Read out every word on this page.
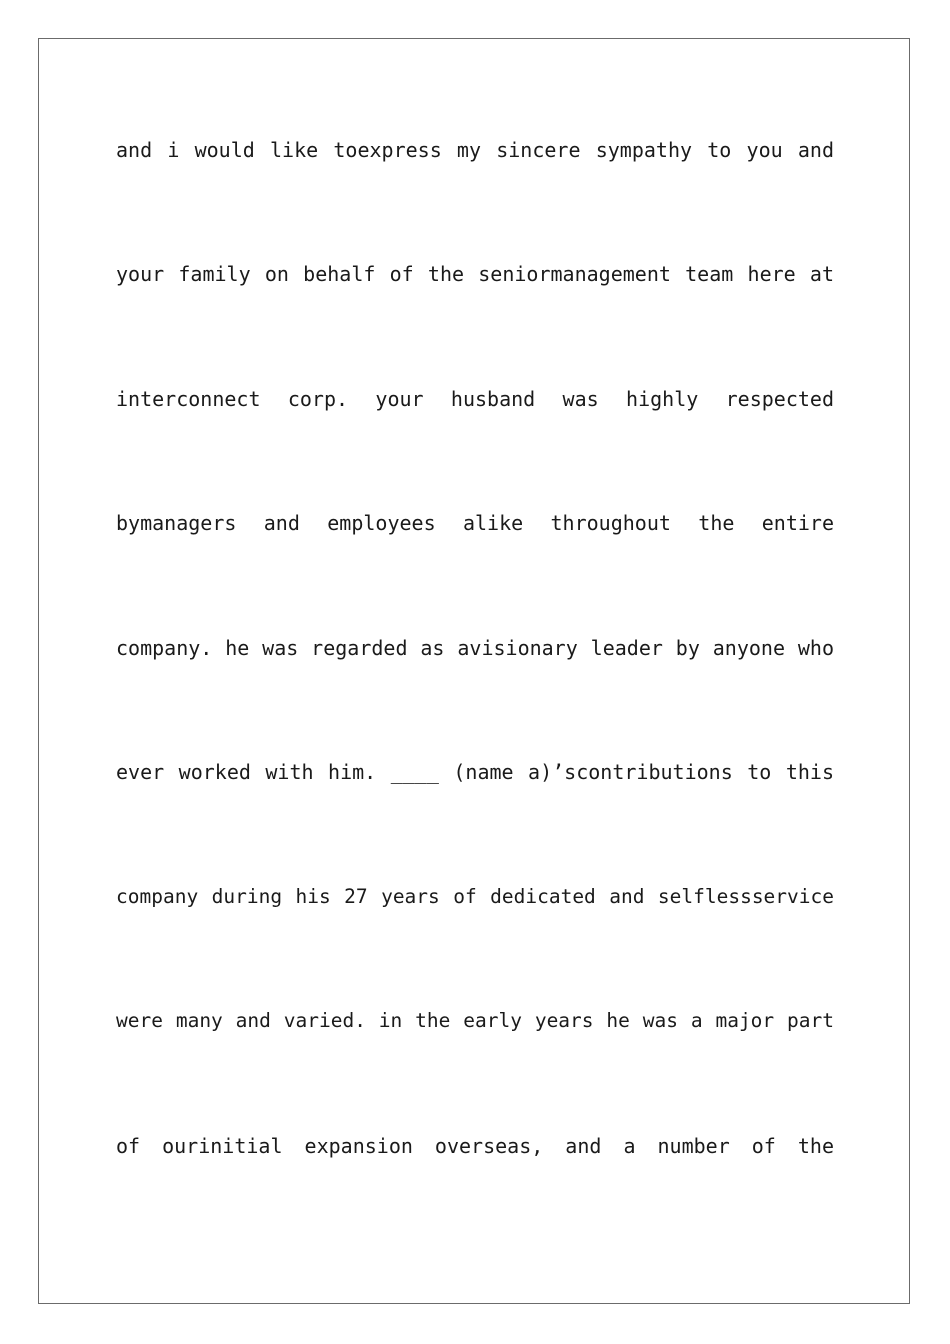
and i would like toexpress my sincere sympathy to you and
your family on behalf of the seniormanagement team here at
interconnect corp. your husband was highly respected
bymanagers and employees alike throughout the entire
company. he was regarded as avisionary leader by anyone who
ever worked with him. ____ (name a)’scontributions to this
company during his 27 years of dedicated and selflessservice
were many and varied. in the early years he was a major part
of ourinitial expansion overseas, and a number of the
